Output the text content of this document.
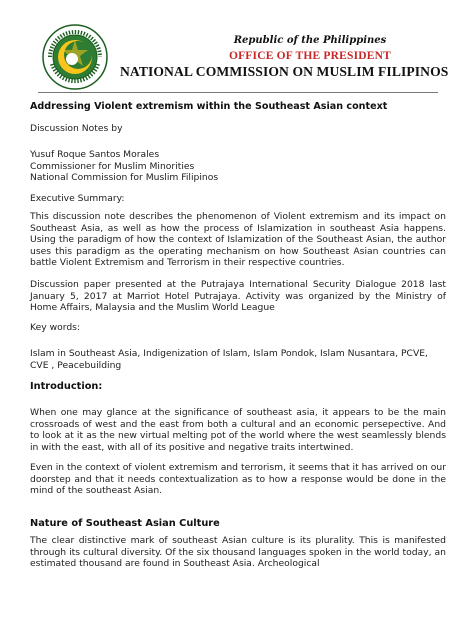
Republic of the Philippines
OFFICE OF THE PRESIDENT
NATIONAL COMMISSION ON MUSLIM FILIPINOS

Addressing Violent extremism within the Southeast Asian context

Discussion Notes by

Yusuf Roque Santos Morales

Commissioner for Muslim Minorities

National Commission for Muslim Filipinos

Executive Summary:

This discussion note describes the phenomenon of Violent extremism and its impact on Southeast Asia, as well as how the process of Islamization in southeast Asia happens. Using the paradigm of how the context of Islamization of the Southeast Asian, the author uses this paradigm as the operating mechanism on how Southeast Asian countries can battle Violent Extremism and Terrorism in their respective countries.

Discussion paper presented at the Putrajaya International Security Dialogue 2018 last January 5, 2017 at Marriot Hotel Putrajaya. Activity was organized by the Ministry of Home Affairs, Malaysia and the Muslim World League

Key words:

Islam in Southeast Asia, Indigenization of Islam, Islam Pondok, Islam Nusantara, PCVE, CVE , Peacebuilding

Introduction:

When one may glance at the significance of southeast asia, it appears to be the main crossroads of west and the east from both a cultural and an economic persepective. And to look at it as the new virtual melting pot of the world where the west seamlessly blends in with the east, with all of its positive and negative traits intertwined.

Even in the context of violent extremism and terrorism, it seems that it has arrived on our doorstep and that it needs contextualization as to how a response would be done in the mind of the southeast Asian.

Nature of Southeast Asian Culture

The clear distinctive mark of southeast Asian culture is its plurality. This is manifested through its cultural diversity. Of the six thousand languages spoken in the world today, an estimated thousand are found in Southeast Asia. Archeological
